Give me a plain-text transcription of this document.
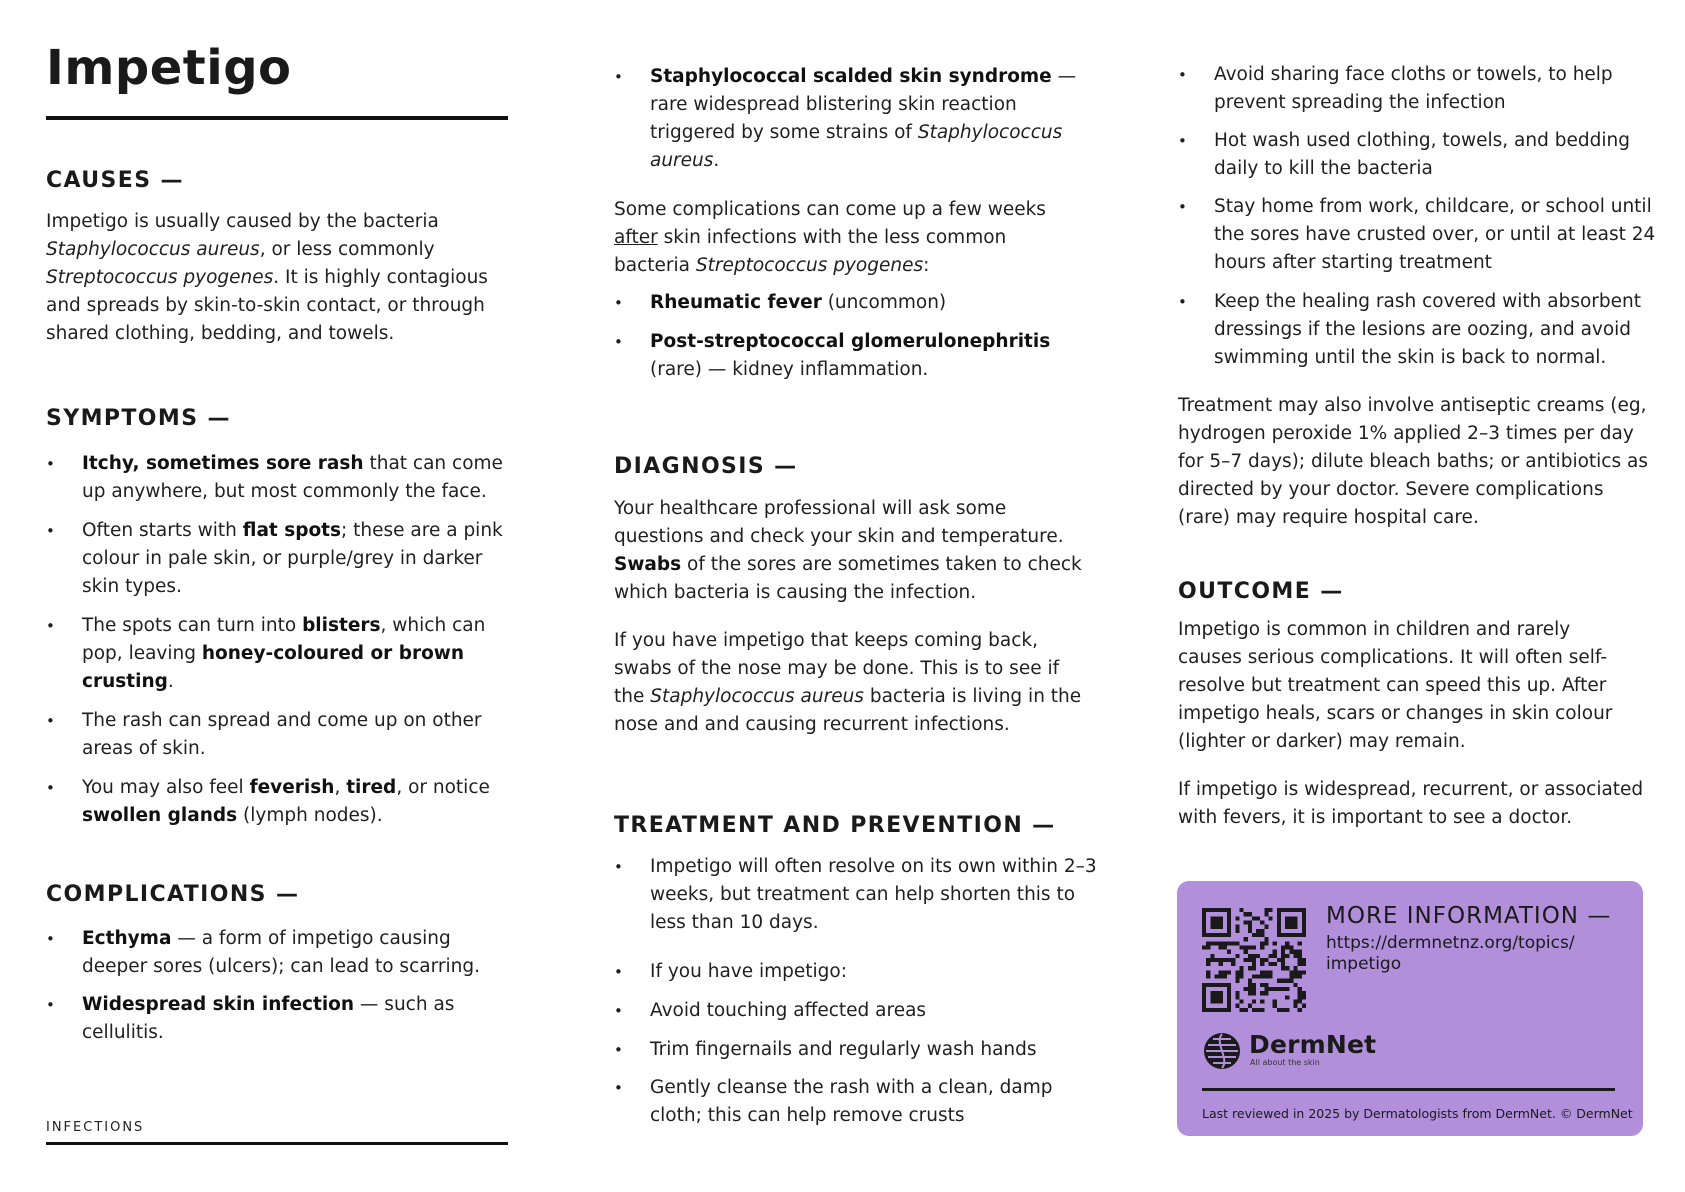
Impetigo
CAUSES —

Impetigo is usually caused by the bacteria Staphylococcus aureus, or less commonly Streptococcus pyogenes. It is highly contagious and spreads by skin-to-skin contact, or through shared clothing, bedding, and towels.

SYMPTOMS —
• Itchy, sometimes sore rash that can come up anywhere, but most commonly the face.
• Often starts with flat spots; these are a pink colour in pale skin, or purple/grey in darker skin types.
• The spots can turn into blisters, which can pop, leaving honey-coloured or brown crusting.
• The rash can spread and come up on other areas of skin.
• You may also feel feverish, tired, or notice swollen glands (lymph nodes).
COMPLICATIONS —
• Ecthyma — a form of impetigo causing deeper sores (ulcers); can lead to scarring.
• Widespread skin infection — such as cellulitis.
INFECTIONS
• Staphylococcal scalded skin syndrome — rare widespread blistering skin reaction triggered by some strains of Staphylococcus aureus.

Some complications can come up a few weeks after skin infections with the less common bacteria Streptococcus pyogenes:

• Rheumatic fever (uncommon)
• Post-streptococcal glomerulonephritis (rare) — kidney inflammation.
DIAGNOSIS —

Your healthcare professional will ask some questions and check your skin and temperature. Swabs of the sores are sometimes taken to check which bacteria is causing the infection.

If you have impetigo that keeps coming back, swabs of the nose may be done. This is to see if the Staphylococcus aureus bacteria is living in the nose and and causing recurrent infections.

TREATMENT AND PREVENTION —
• Impetigo will often resolve on its own within 2–3 weeks, but treatment can help shorten this to less than 10 days.
• If you have impetigo:
• Avoid touching affected areas
• Trim fingernails and regularly wash hands
• Gently cleanse the rash with a clean, damp cloth; this can help remove crusts
• Avoid sharing face cloths or towels, to help prevent spreading the infection
• Hot wash used clothing, towels, and bedding daily to kill the bacteria
• Stay home from work, childcare, or school until the sores have crusted over, or until at least 24 hours after starting treatment
• Keep the healing rash covered with absorbent dressings if the lesions are oozing, and avoid swimming until the skin is back to normal.

Treatment may also involve antiseptic creams (eg, hydrogen peroxide 1% applied 2–3 times per day for 5–7 days); dilute bleach baths; or antibiotics as directed by your doctor. Severe complications (rare) may require hospital care.

OUTCOME —

Impetigo is common in children and rarely causes serious complications. It will often self-resolve but treatment can speed this up. After impetigo heals, scars or changes in skin colour (lighter or darker) may remain.

If impetigo is widespread, recurrent, or associated with fevers, it is important to see a doctor.

MORE INFORMATION —
https://dermnetnz.org/topics/ impetigo
DermNet
All about the skin
Last reviewed in 2025 by Dermatologists from DermNet. © DermNet
